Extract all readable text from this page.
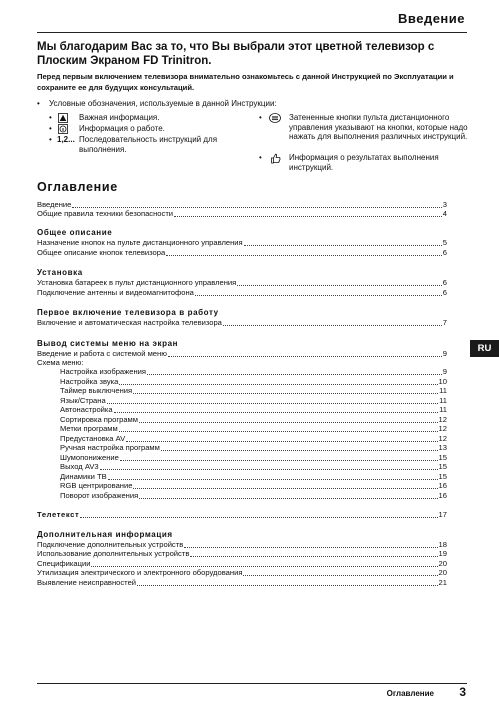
Введение
Мы благодарим Вас за то, что Вы выбрали этот цветной телевизор с Плоским Экраном FD Trinitron.
Перед первым включением телевизора внимательно ознакомьтесь с данной Инструкцией по Эксплуатации и сохраните ее для будущих консультаций.
• Условные обозначения, используемые в данной Инструкции:
•	Важная информация.
•	Информация о работе.
• 1,2... Последовательность инструкций для выполнения.
•	Затененные кнопки пульта дистанционного управления указывают на кнопки, которые надо нажать для выполнения различных инструкций.
•	Информация о результатах выполнения инструкций.
Оглавление
Введение	3
Общие правила техники безопасности	4
Общее описание
Назначение кнопок на пульте дистанционного управления	5
Общее описание кнопок телевизора	6
Установка
Установка батареек в пульт дистанционного управления	6
Подключение антенны и видеомагнитофона	6
Первое включение телевизора в работу
Включение и автоматическая настройка телевизора	7
Вывод системы меню на экран
Введение и работа с системой меню	9
Схема меню:
Настройка изображения	9
Настройка звука	10
Таймер выключения	11
Язык/Страна	11
Автонастройка	11
Сортировка программ	12
Метки программ	12
Предустановка AV	12
Ручная настройка программ	13
Шумопонижение	15
Выход AV3	15
Динамики ТВ	15
RGB центрирование	16
Поворот изображения	16
Телетекст	17
Дополнительная информация
Подключение дополнительных устройств	18
Использование дополнительных устройств	19
Спецификации	20
Утилизация электрического и электронного оборудования	20
Выявление неисправностей	21
RU
Оглавление 3
